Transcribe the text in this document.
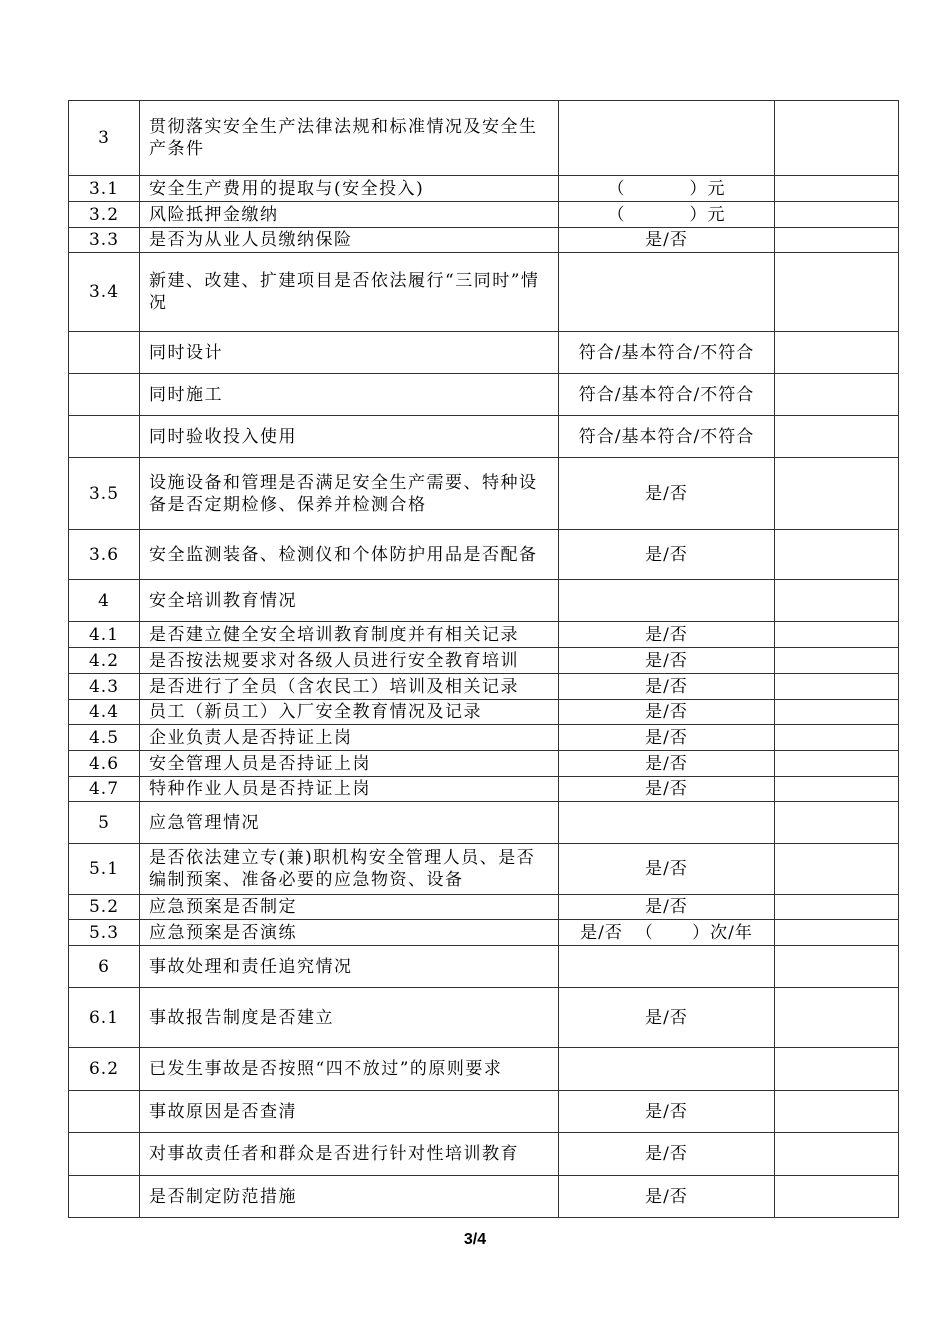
3	贯彻落实安全生产法律法规和标准情况及安全生产条件		
3.1	安全生产费用的提取与(安全投入)	（          ）元	
3.2	风险抵押金缴纳	（          ）元	
3.3	是否为从业人员缴纳保险	是/否	
3.4	新建、改建、扩建项目是否依法履行“三同时”情况		
	同时设计	符合/基本符合/不符合	
	同时施工	符合/基本符合/不符合	
	同时验收投入使用	符合/基本符合/不符合	
3.5	设施设备和管理是否满足安全生产需要、特种设备是否定期检修、保养并检测合格	是/否	
3.6	安全监测装备、检测仪和个体防护用品是否配备	是/否	
4	安全培训教育情况		
4.1	是否建立健全安全培训教育制度并有相关记录	是/否	
4.2	是否按法规要求对各级人员进行安全教育培训	是/否	
4.3	是否进行了全员（含农民工）培训及相关记录	是/否	
4.4	员工（新员工）入厂安全教育情况及记录	是/否	
4.5	企业负责人是否持证上岗	是/否	
4.6	安全管理人员是否持证上岗	是/否	
4.7	特种作业人员是否持证上岗	是/否	
5	应急管理情况		
5.1	是否依法建立专(兼)职机构安全管理人员、是否编制预案、准备必要的应急物资、设备	是/否	
5.2	应急预案是否制定	是/否	
5.3	应急预案是否演练	是/否  （      ）次/年	
6	事故处理和责任追究情况		
6.1	事故报告制度是否建立	是/否	
6.2	已发生事故是否按照“四不放过”的原则要求		
	事故原因是否查清	是/否	
	对事故责任者和群众是否进行针对性培训教育	是/否	
	是否制定防范措施	是/否	
3/4
